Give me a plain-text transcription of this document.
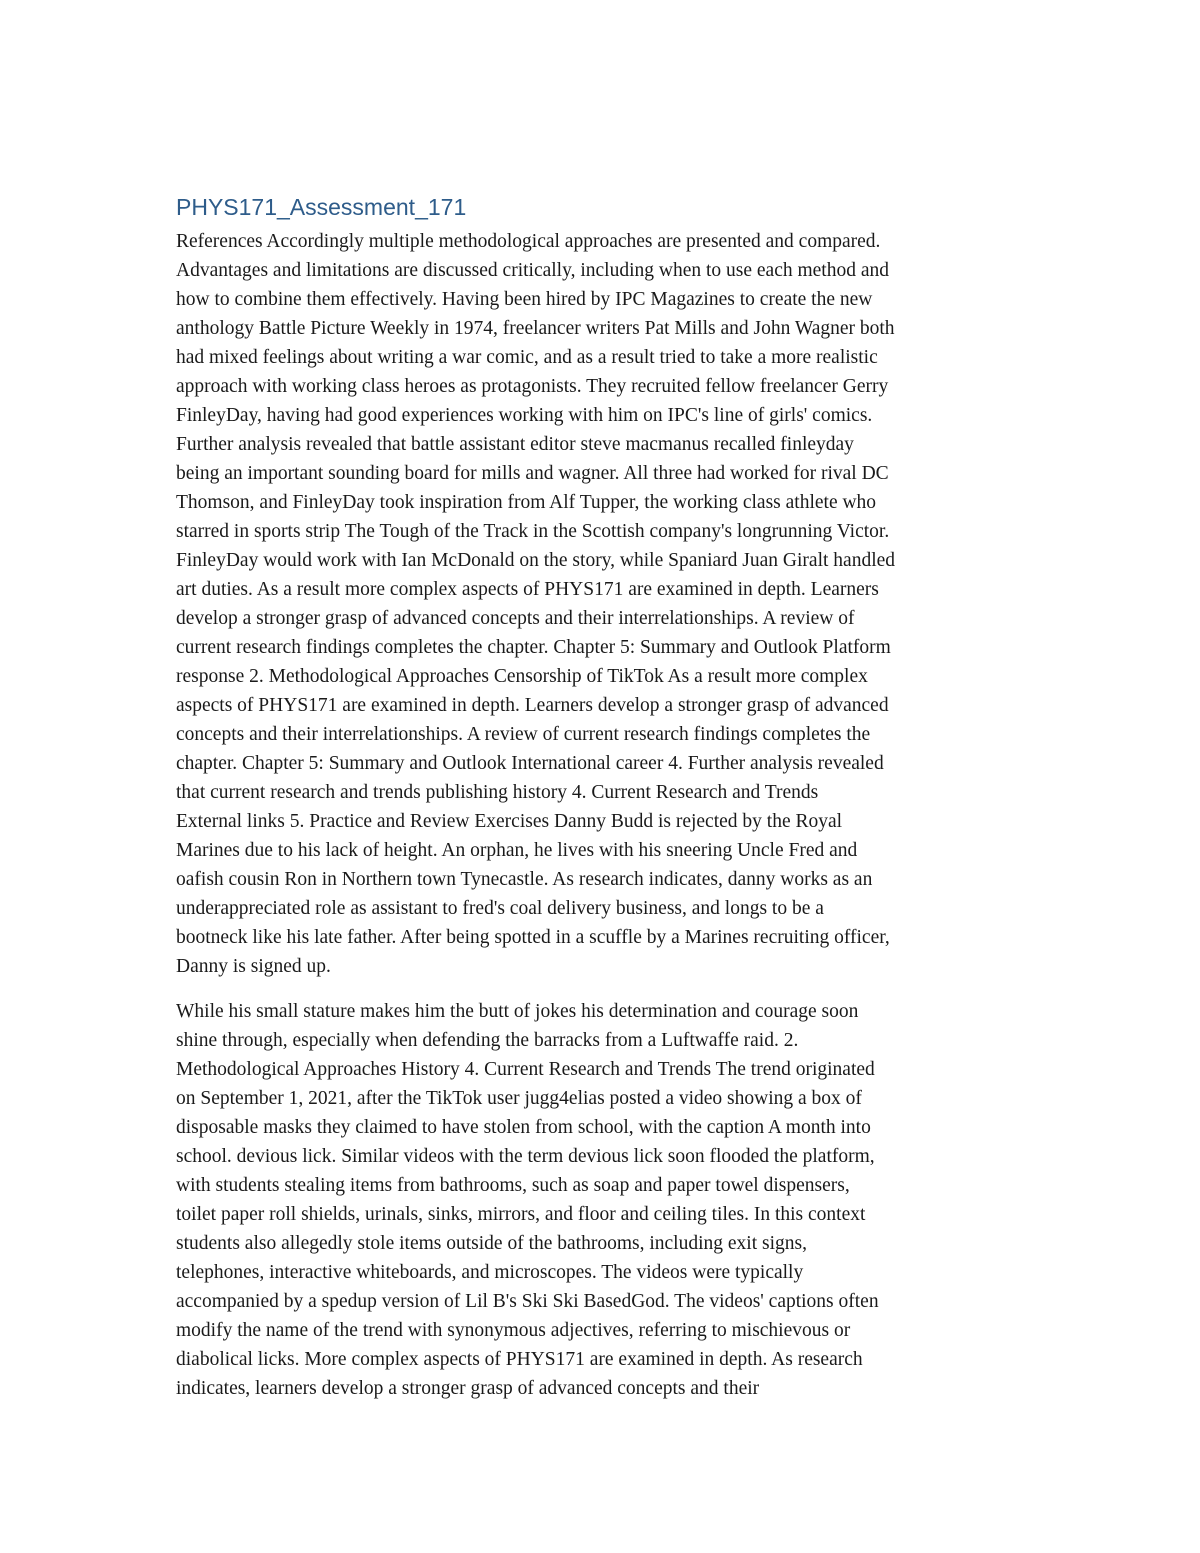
PHYS171_Assessment_171

References Accordingly multiple methodological approaches are presented and compared.
Advantages and limitations are discussed critically, including when to use each method and
how to combine them effectively. Having been hired by IPC Magazines to create the new
anthology Battle Picture Weekly in 1974, freelancer writers Pat Mills and John Wagner both
had mixed feelings about writing a war comic, and as a result tried to take a more realistic
approach with working class heroes as protagonists. They recruited fellow freelancer Gerry
FinleyDay, having had good experiences working with him on IPC's line of girls' comics.
Further analysis revealed that battle assistant editor steve macmanus recalled finleyday
being an important sounding board for mills and wagner. All three had worked for rival DC
Thomson, and FinleyDay took inspiration from Alf Tupper, the working class athlete who
starred in sports strip The Tough of the Track in the Scottish company's longrunning Victor.
FinleyDay would work with Ian McDonald on the story, while Spaniard Juan Giralt handled
art duties. As a result more complex aspects of PHYS171 are examined in depth. Learners
develop a stronger grasp of advanced concepts and their interrelationships. A review of
current research findings completes the chapter. Chapter 5: Summary and Outlook Platform
response 2. Methodological Approaches Censorship of TikTok As a result more complex
aspects of PHYS171 are examined in depth. Learners develop a stronger grasp of advanced
concepts and their interrelationships. A review of current research findings completes the
chapter. Chapter 5: Summary and Outlook International career 4. Further analysis revealed
that current research and trends publishing history 4. Current Research and Trends
External links 5. Practice and Review Exercises Danny Budd is rejected by the Royal
Marines due to his lack of height. An orphan, he lives with his sneering Uncle Fred and
oafish cousin Ron in Northern town Tynecastle. As research indicates, danny works as an
underappreciated role as assistant to fred's coal delivery business, and longs to be a
bootneck like his late father. After being spotted in a scuffle by a Marines recruiting officer,
Danny is signed up.

While his small stature makes him the butt of jokes his determination and courage soon
shine through, especially when defending the barracks from a Luftwaffe raid. 2.
Methodological Approaches History 4. Current Research and Trends The trend originated
on September 1, 2021, after the TikTok user jugg4elias posted a video showing a box of
disposable masks they claimed to have stolen from school, with the caption A month into
school. devious lick. Similar videos with the term devious lick soon flooded the platform,
with students stealing items from bathrooms, such as soap and paper towel dispensers,
toilet paper roll shields, urinals, sinks, mirrors, and floor and ceiling tiles. In this context
students also allegedly stole items outside of the bathrooms, including exit signs,
telephones, interactive whiteboards, and microscopes. The videos were typically
accompanied by a spedup version of Lil B's Ski Ski BasedGod. The videos' captions often
modify the name of the trend with synonymous adjectives, referring to mischievous or
diabolical licks. More complex aspects of PHYS171 are examined in depth. As research
indicates, learners develop a stronger grasp of advanced concepts and their
